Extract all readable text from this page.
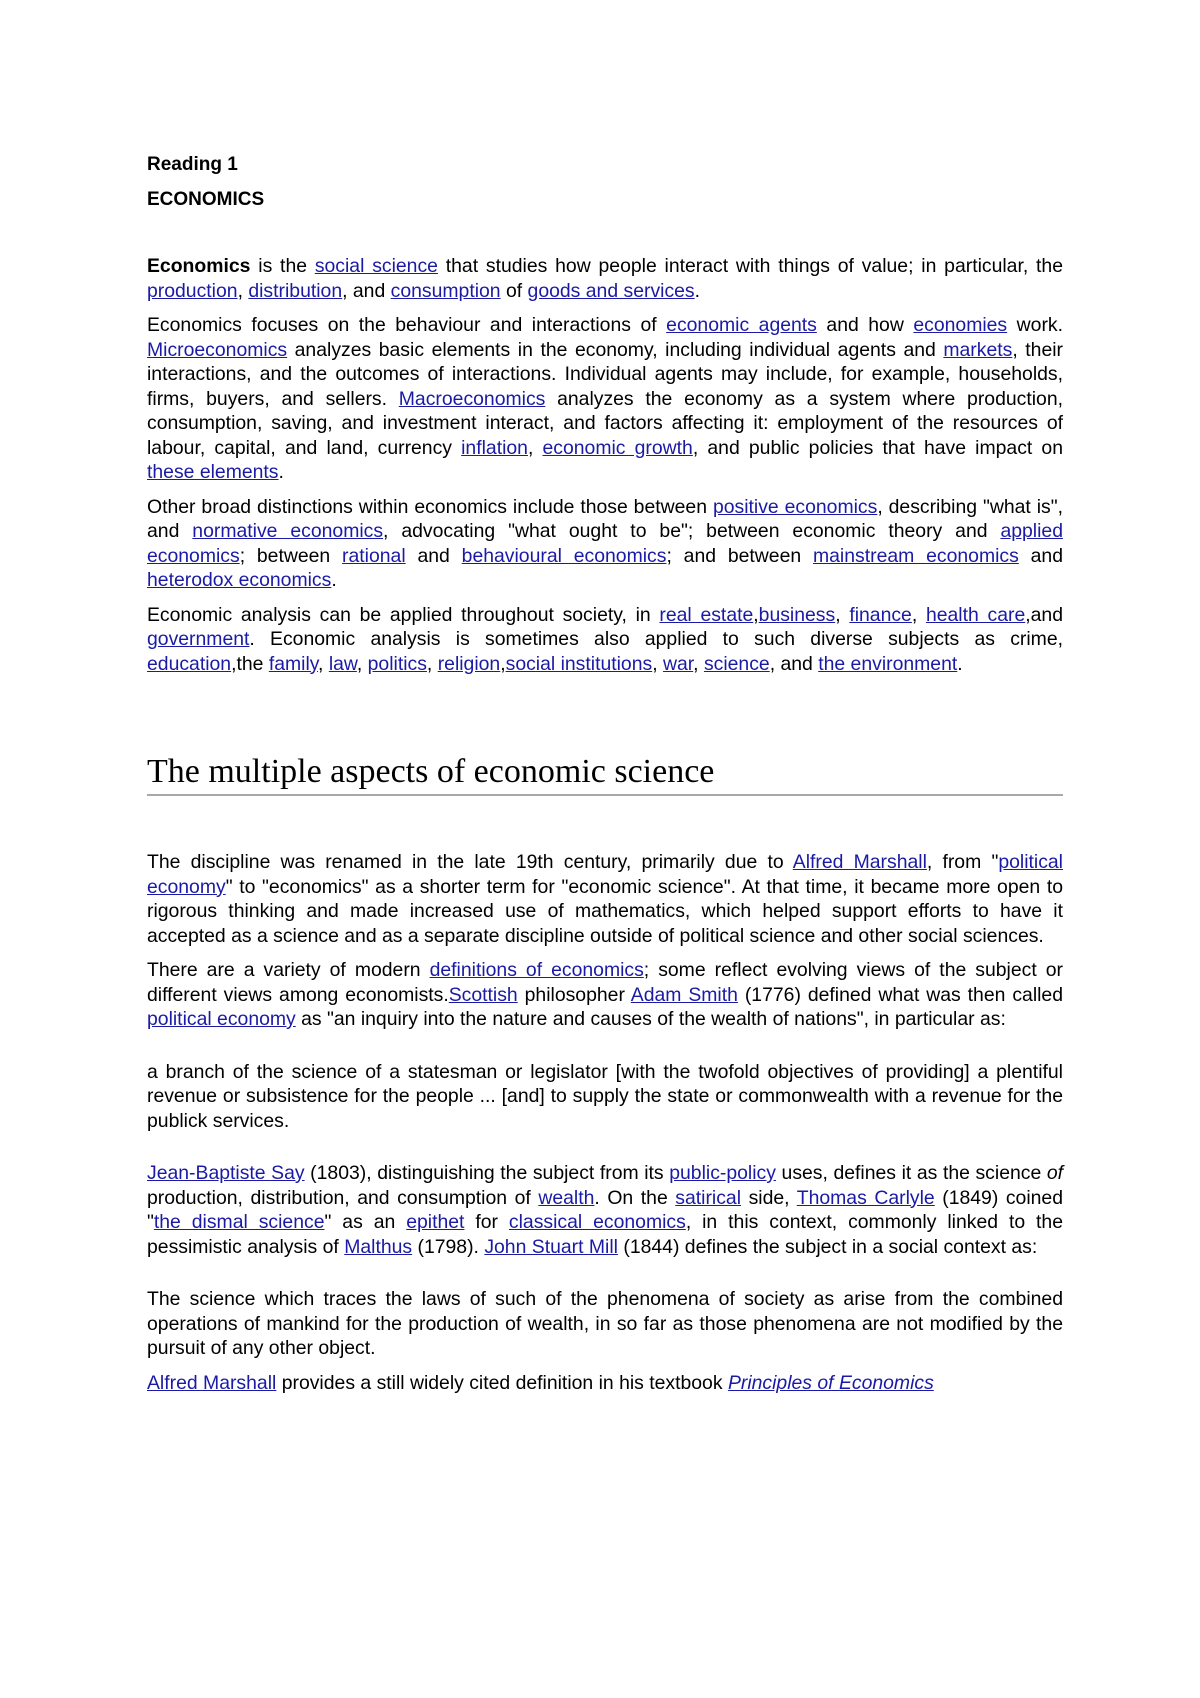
Reading 1

ECONOMICS

Economics is the social science that studies how people interact with things of value; in particular, the production, distribution, and consumption of goods and services.

Economics focuses on the behaviour and interactions of economic agents and how economies work. Microeconomics analyzes basic elements in the economy, including individual agents and markets, their interactions, and the outcomes of interactions. Individual agents may include, for example, households, firms, buyers, and sellers. Macroeconomics analyzes the economy as a system where production, consumption, saving, and investment interact, and factors affecting it: employment of the resources of labour, capital, and land, currency inflation, economic growth, and public policies that have impact on these elements.

Other broad distinctions within economics include those between positive economics, describing "what is", and normative economics, advocating "what ought to be"; between economic theory and applied economics; between rational and behavioural economics; and between mainstream economics and heterodox economics.

Economic analysis can be applied throughout society, in real estate,business, finance, health care,and government. Economic analysis is sometimes also applied to such diverse subjects as crime, education,the family, law, politics, religion,social institutions, war, science, and the environment.

The multiple aspects of economic science

The discipline was renamed in the late 19th century, primarily due to Alfred Marshall, from "political economy" to "economics" as a shorter term for "economic science". At that time, it became more open to rigorous thinking and made increased use of mathematics, which helped support efforts to have it accepted as a science and as a separate discipline outside of political science and other social sciences.

There are a variety of modern definitions of economics; some reflect evolving views of the subject or different views among economists.Scottish philosopher Adam Smith (1776) defined what was then called political economy as "an inquiry into the nature and causes of the wealth of nations", in particular as:

a branch of the science of a statesman or legislator [with the twofold objectives of providing] a plentiful revenue or subsistence for the people ... [and] to supply the state or commonwealth with a revenue for the publick services.

Jean-Baptiste Say (1803), distinguishing the subject from its public-policy uses, defines it as the science of production, distribution, and consumption of wealth. On the satirical side, Thomas Carlyle (1849) coined "the dismal science" as an epithet for classical economics, in this context, commonly linked to the pessimistic analysis of Malthus (1798). John Stuart Mill (1844) defines the subject in a social context as:

The science which traces the laws of such of the phenomena of society as arise from the combined operations of mankind for the production of wealth, in so far as those phenomena are not modified by the pursuit of any other object.

Alfred Marshall provides a still widely cited definition in his textbook Principles of Economics
